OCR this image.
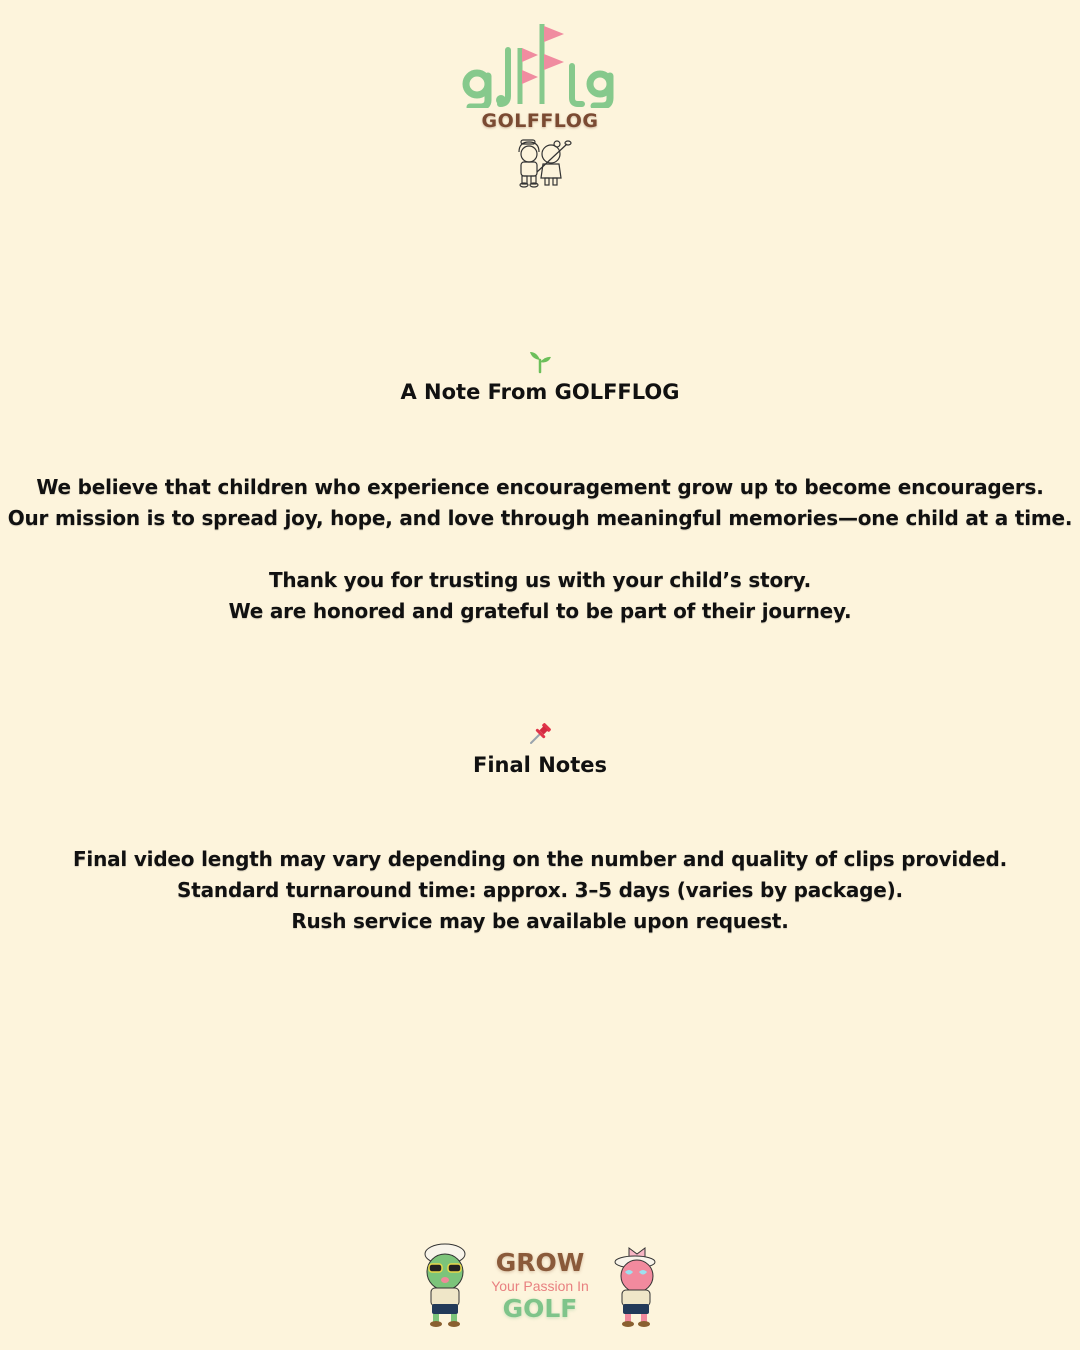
GOLFFLOG
A Note From GOLFFLOG

We believe that children who experience encouragement grow up to become encouragers.
Our mission is to spread joy, hope, and love through meaningful memories—one child at a time.

Thank you for trusting us with your child’s story.
We are honored and grateful to be part of their journey.

Final Notes

Final video length may vary depending on the number and quality of clips provided.
Standard turnaround time: approx. 3–5 days (varies by package).
Rush service may be available upon request.

GROW
Your Passion In
GOLF
